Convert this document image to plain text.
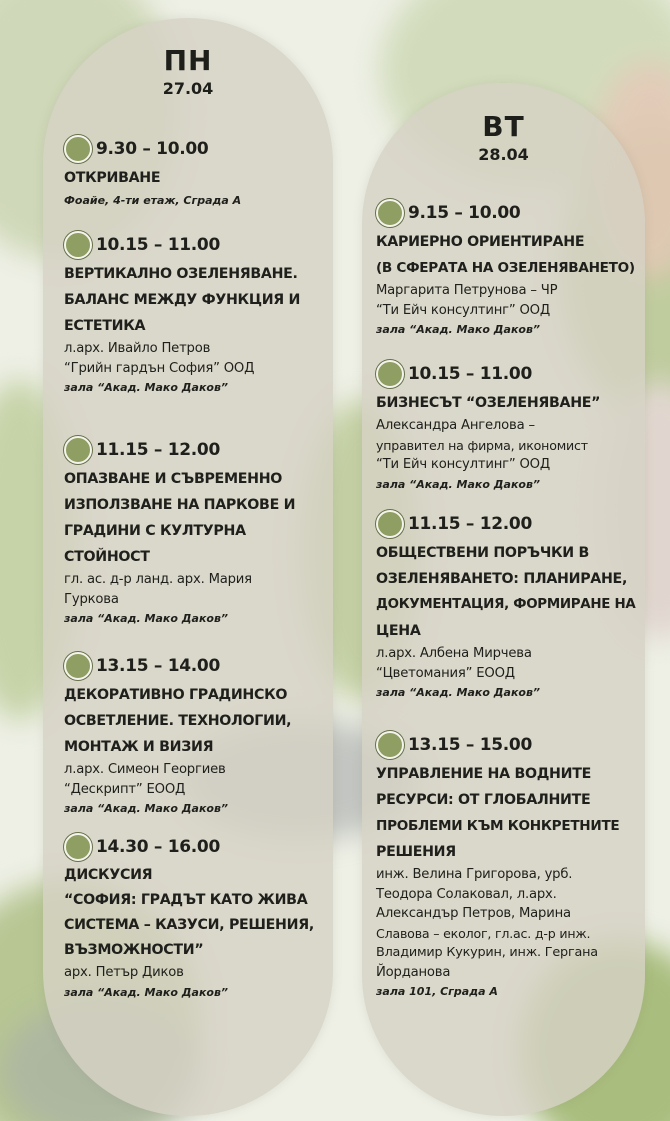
ПН
27.04
9.30 – 10.00
ОТКРИВАНЕ
Фоайе, 4-ти етаж, Сграда А
10.15 – 11.00
ВЕРТИКАЛНО ОЗЕЛЕНЯВАНЕ.
БАЛАНС МЕЖДУ ФУНКЦИЯ И
ЕСТЕТИКА
л.арх. Ивайло Петров
“Грийн гардън София” ООД
зала “Акад. Мако Даков”
11.15 – 12.00
ОПАЗВАНЕ И СЪВРЕМЕННО
ИЗПОЛЗВАНЕ НА ПАРКОВЕ И
ГРАДИНИ С КУЛТУРНА
СТОЙНОСТ
гл. ас. д-р ланд. арх. Мария
Гуркова
зала “Акад. Мако Даков”
13.15 – 14.00
ДЕКОРАТИВНО ГРАДИНСКО
ОСВЕТЛЕНИЕ. ТЕХНОЛОГИИ,
МОНТАЖ И ВИЗИЯ
л.арх. Симеон Георгиев
“Дескрипт” ЕООД
зала “Акад. Мако Даков”
14.30 – 16.00
ДИСКУСИЯ
“СОФИЯ: ГРАДЪТ КАТО ЖИВА
СИСТЕМА – КАЗУСИ, РЕШЕНИЯ,
ВЪЗМОЖНОСТИ”
арх. Петър Диков
зала “Акад. Мако Даков”
ВТ
28.04
9.15 – 10.00
КАРИЕРНО ОРИЕНТИРАНЕ
(В СФЕРАТА НА ОЗЕЛЕНЯВАНЕТО)
Маргарита Петрунова – ЧР
“Ти Ейч консултинг” ООД
зала “Акад. Мако Даков”
10.15 – 11.00
БИЗНЕСЪТ “ОЗЕЛЕНЯВАНЕ”
Александра Ангелова –
управител на фирма, икономист
“Ти Ейч консултинг” ООД
зала “Акад. Мако Даков”
11.15 – 12.00
ОБЩЕСТВЕНИ ПОРЪЧКИ В
ОЗЕЛЕНЯВАНЕТО: ПЛАНИРАНЕ,
ДОКУМЕНТАЦИЯ, ФОРМИРАНЕ НА
ЦЕНА
л.арх. Албена Мирчева
“Цветомания” ЕООД
зала “Акад. Мако Даков”
13.15 – 15.00
УПРАВЛЕНИЕ НА ВОДНИТЕ
РЕСУРСИ: ОТ ГЛОБАЛНИТЕ
ПРОБЛЕМИ КЪМ КОНКРЕТНИТЕ
РЕШЕНИЯ
инж. Велина Григорова, урб.
Теодора Солаковал, л.арх.
Александър Петров, Марина
Славова – еколог, гл.ас. д-р инж.
Владимир Кукурин, инж. Гергана
Йорданова
зала 101, Сграда А
